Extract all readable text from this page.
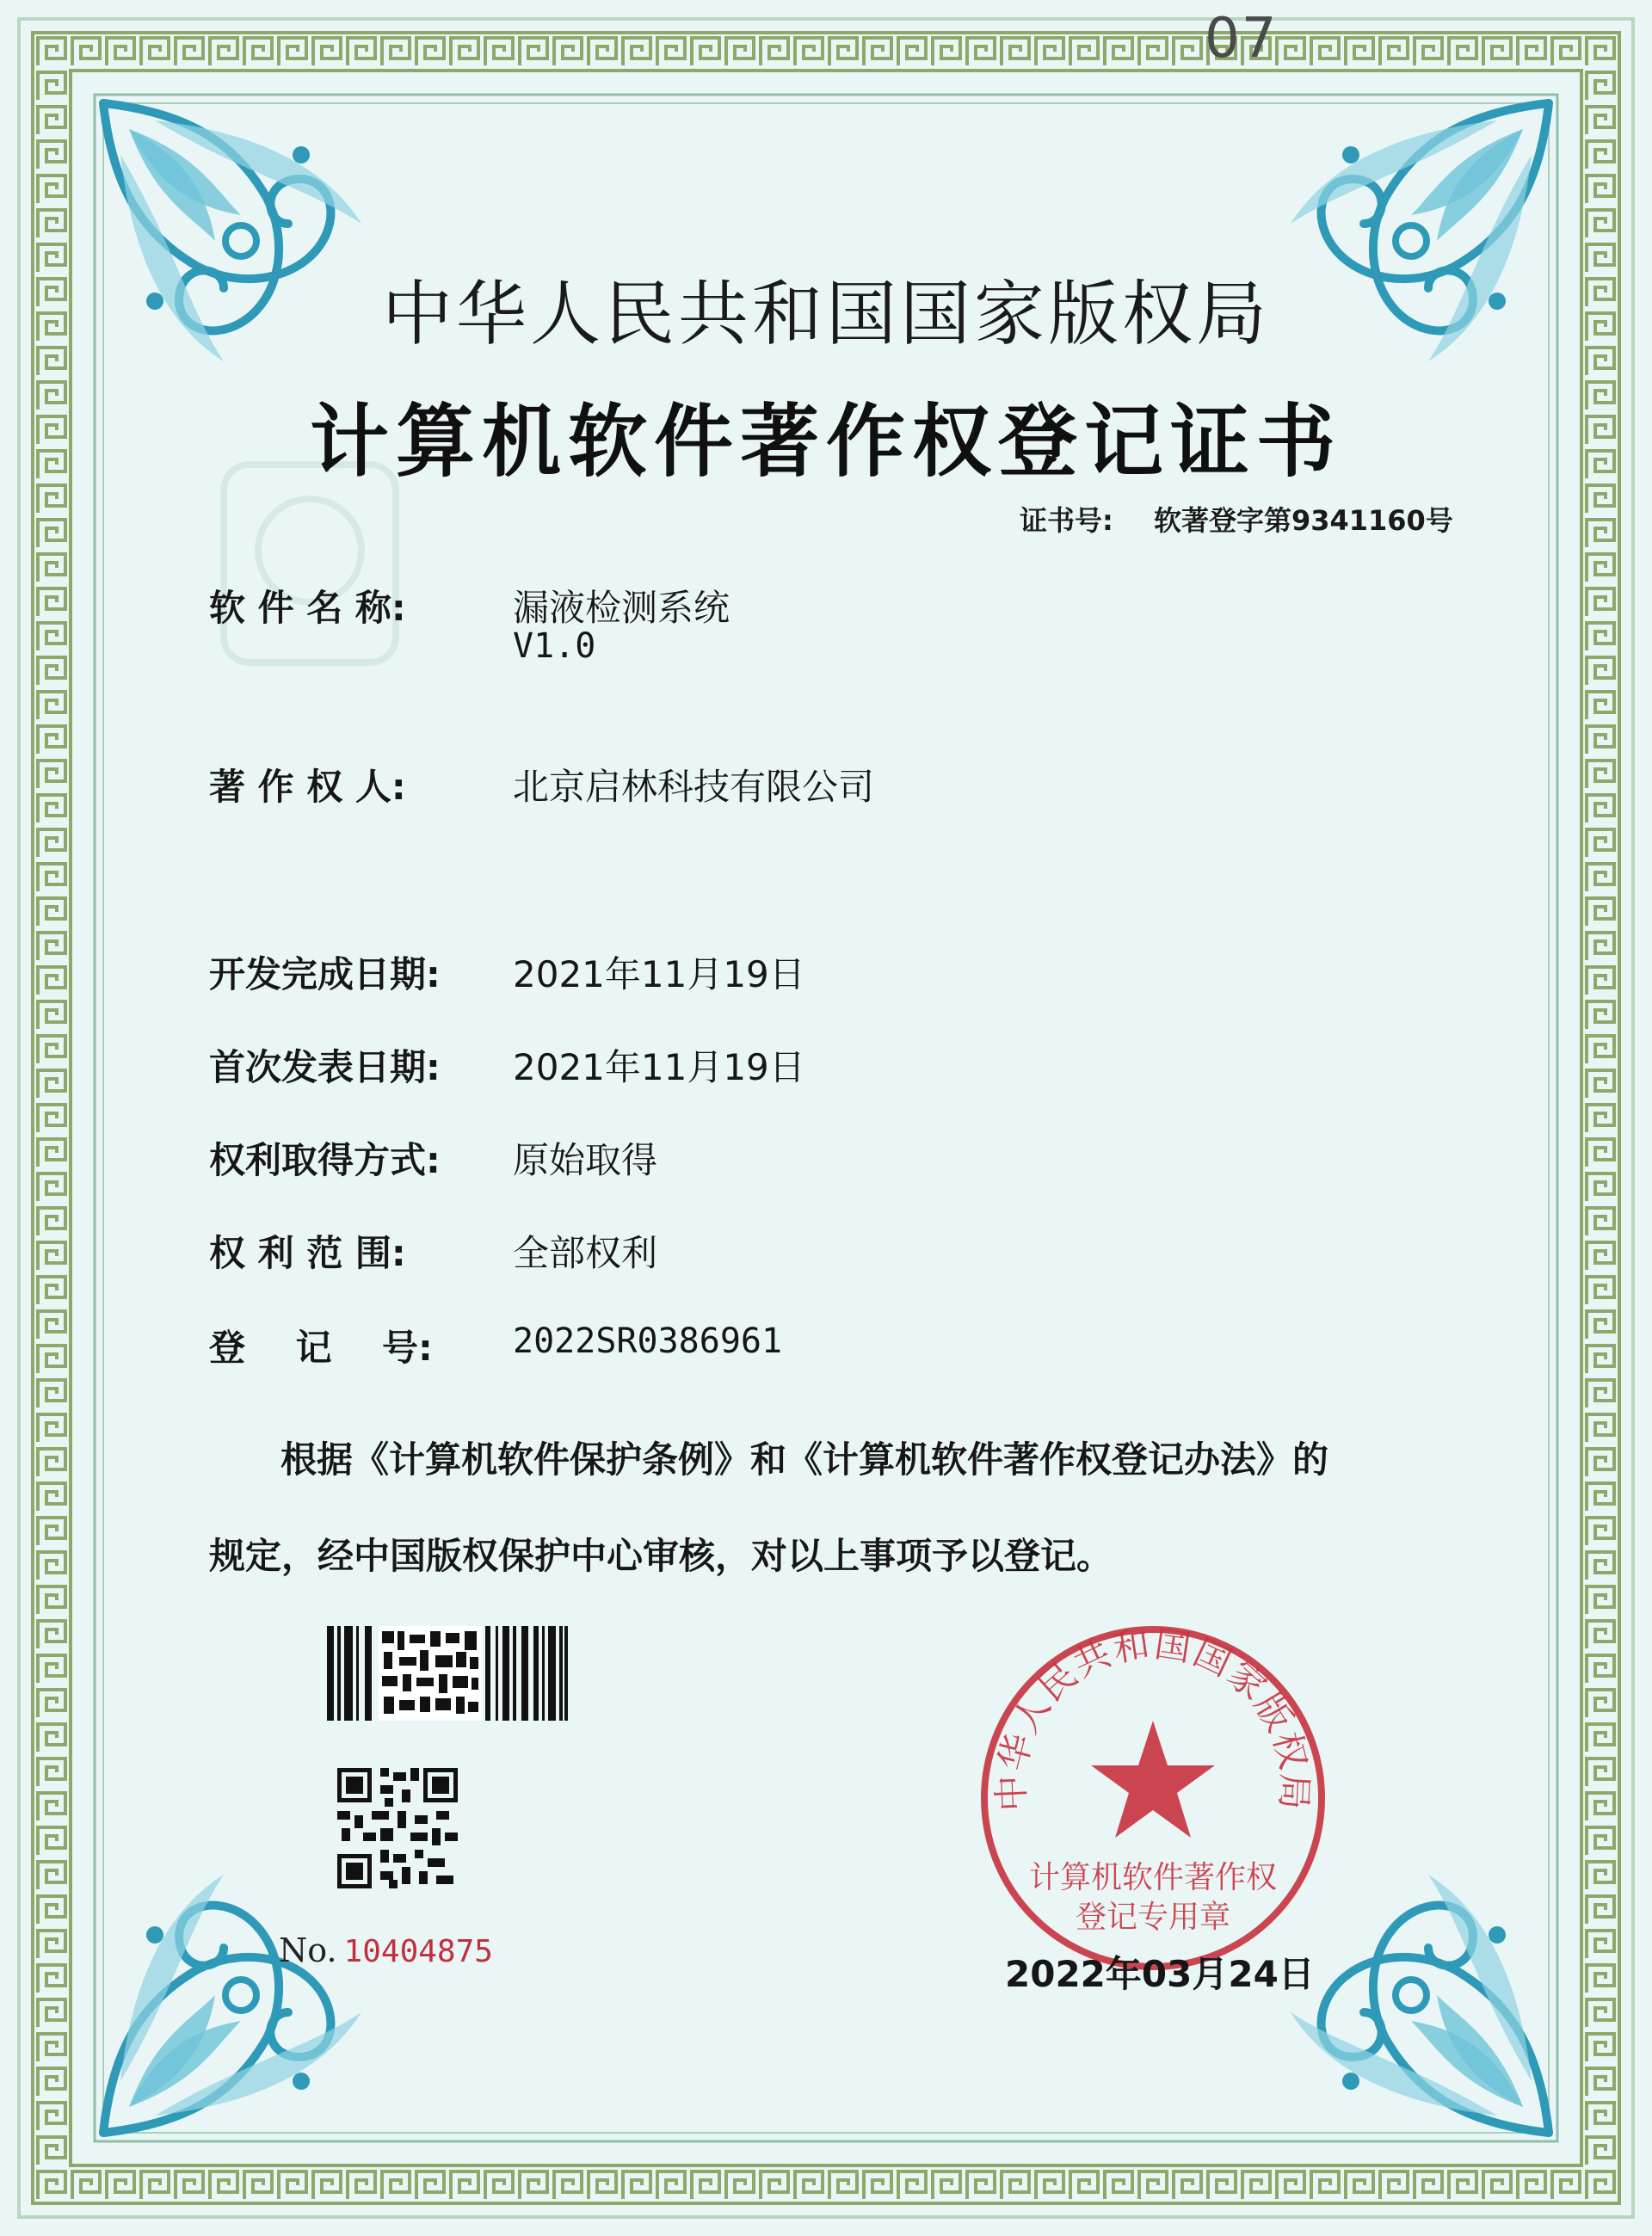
07
中华人民共和国国家版权局
计算机软件著作权登记证书
证书号: 软著登字第9341160号
软 件 名 称:	漏液检测系统
V1.0
著 作 权 人:	北京启林科技有限公司
开发完成日期: 2021年11月19日
首次发表日期: 2021年11月19日
权利取得方式: 原始取得
权 利 范 围:	全部权利
登    记    号: 2022SR0386961
根据《计算机软件保护条例》和《计算机软件著作权登记办法》的
规定，经中国版权保护中心审核，对以上事项予以登记。
No. 10404875
中华人民共和国国家版权局
计算机软件著作权
登记专用章
2022年03月24日
